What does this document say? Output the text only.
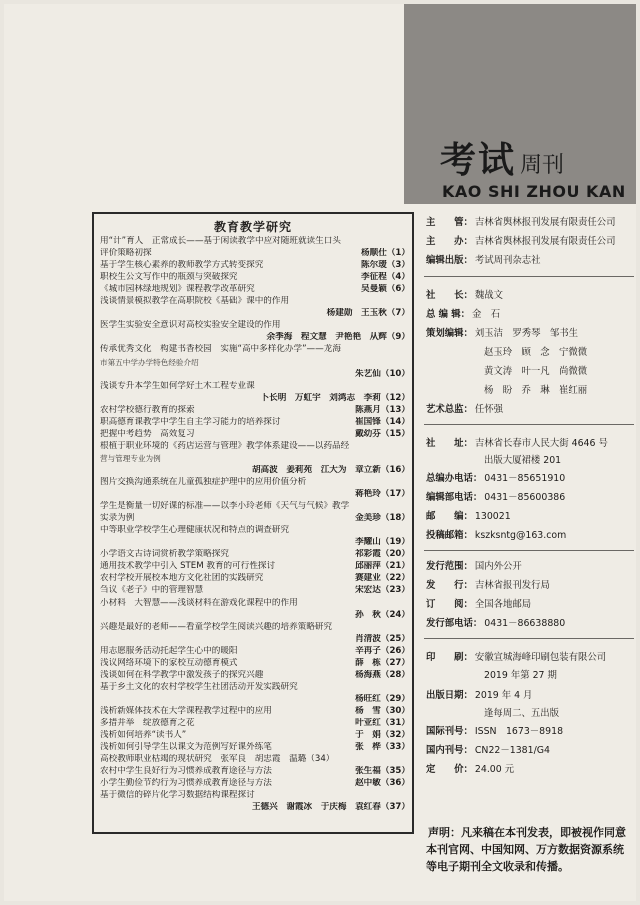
考试 周刊
KAO SHI ZHOU KAN
教育教学研究
用“计”育人　正常成长——基于闲读教学中应对随班就读生口头
评价策略初探	杨顺仕（1）
基于学生核心素养的教师教学方式转变探究	陈尔瑷（3）
职校生公文写作中的瓶颈与突破探究	李征程（4）
《城市园林绿地规划》课程教学改革研究	吴曼颖（6）
浅谈情景模拟教学在高职院校《基础》课中的作用
杨建勋　王玉秋（7）
医学生实验安全意识对高校实验安全建设的作用
余季海　程文慧　尹艳艳　从辉（9）
传承优秀文化　构建书香校园　实施“高中多样化办学”——龙海
市第五中学办学特色经验介绍
朱艺仙（10）
浅谈专升本学生如何学好土木工程专业课
卜长明　万虹宇　刘鸿志　李莉（12）
农村学校德行教育的探索	陈燕月（13）
职高德育课教学中学生自主学习能力的培养探讨	崔国锋（14）
把握中考趋势　高效复习	戴幼芬（15）
根植于职业环境的《药店运营与管理》教学体系建设——以药品经
营与管理专业为例
胡高波　姜莉苑　江大为　章立新（16）
图片交换沟通系统在儿童孤独症护理中的应用价值分析
蒋艳玲（17）
学生是衡量一切好课的标准——以李小玲老师《天气与气候》教学
实录为例	金美珍（18）
中等职业学校学生心理健康状况和特点的调查研究
李耀山（19）
小学语文古诗词赏析教学策略探究	祁彩霞（20）
通用技术教学中引入 STEM 教育的可行性探讨	邱丽萍（21）
农村学校开展校本地方文化社团的实践研究	赛建业（22）
刍议《老子》中的管理智慧	宋宏达（23）
小材料　大智慧——浅谈材料在游戏化课程中的作用
孙　秋（24）
兴趣是最好的老师——看童学校学生阅读兴趣的培养策略研究
肖清波（25）
用志愿服务活动托起学生心中的暖阳	辛再子（26）
浅议网络环境下的家校互动德育模式	薛　栋（27）
浅谈如何在科学教学中激发孩子的探究兴趣	杨海燕（28）
基于乡土文化的农村学校学生社团活动开发实践研究
杨旺红（29）
浅析新媒体技术在大学课程教学过程中的应用	杨　雪（30）
多措并举　绽放德育之花	叶亚红（31）
浅析如何培养“读书人”	于　娟（32）
浅析如何引导学生以课文为范例写好课外练笔	张　桦（33）
高校教师职业枯竭的现状研究　张军良　胡忠霞　温璐（34）
农村中学生良好行为习惯养成教育途径与方法	张生福（35）
小学生勤俭节约行为习惯养成教育途径与方法	赵中敏（36）
基于微信的碎片化学习数据结构课程探讨
王德兴　谢霞冰　于庆梅　袁红春（37）
主　　管： 吉林省舆林报刊发展有限责任公司
主　　办： 吉林省舆林报刊发展有限责任公司
编辑出版： 考试周刊杂志社
社　　长： 魏战文
总 编 辑： 金　石
策划编辑： 刘玉洁　罗秀琴　邹书生
赵玉玲　顾　念　宁微微
黄文涛　叶一凡　尚微微
杨　盼　乔　琳　崔红丽
艺术总监： 任怀强
社　　址： 吉林省长春市人民大街 4646 号
出版大厦裙楼 201
总编办电话： 0431－85651910
编辑部电话： 0431－85600386
邮　　编： 130021
投稿邮箱： kszksntg@163.com
发行范围： 国内外公开
发　　行： 吉林省报刊发行局
订　　阅： 全国各地邮局
发行部电话： 0431－86638880
印　　刷： 安徽宣城海峰印刷包装有限公司
2019 年第 27 期
出版日期： 2019 年 4 月
逢每周二、五出版
国际刊号： ISSN　1673－8918
国内刊号： CN22－1381/G4
定　　价： 24.00 元
声明：凡来稿在本刊发表，即被视作同意本刊官网、中国知网、万方数据资源系统等电子期刊全文收录和传播。
